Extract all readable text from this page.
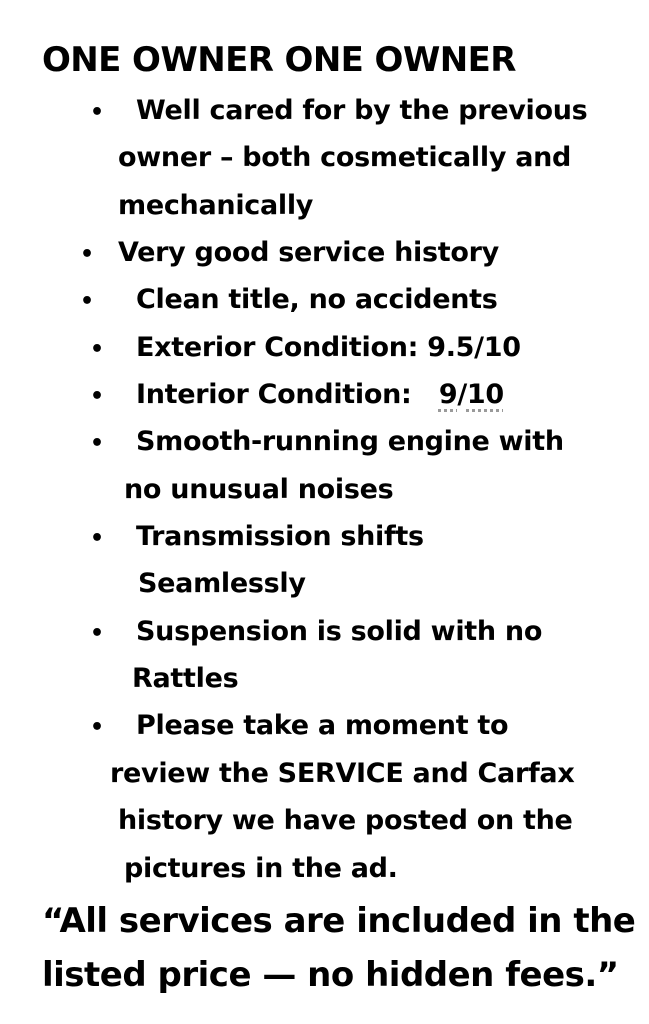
ONE OWNER ONE OWNER
• Well cared for by the previous
owner – both cosmetically and
mechanically
• Very good service history
• Clean title, no accidents
• Exterior Condition: 9.5/10
• Interior Condition: 9/10
• Smooth-running engine with
no unusual noises
• Transmission shifts
Seamlessly
• Suspension is solid with no
Rattles
• Please take a moment to
review the SERVICE and Carfax
history we have posted on the
pictures in the ad.
“All services are included in the
listed price — no hidden fees.”
